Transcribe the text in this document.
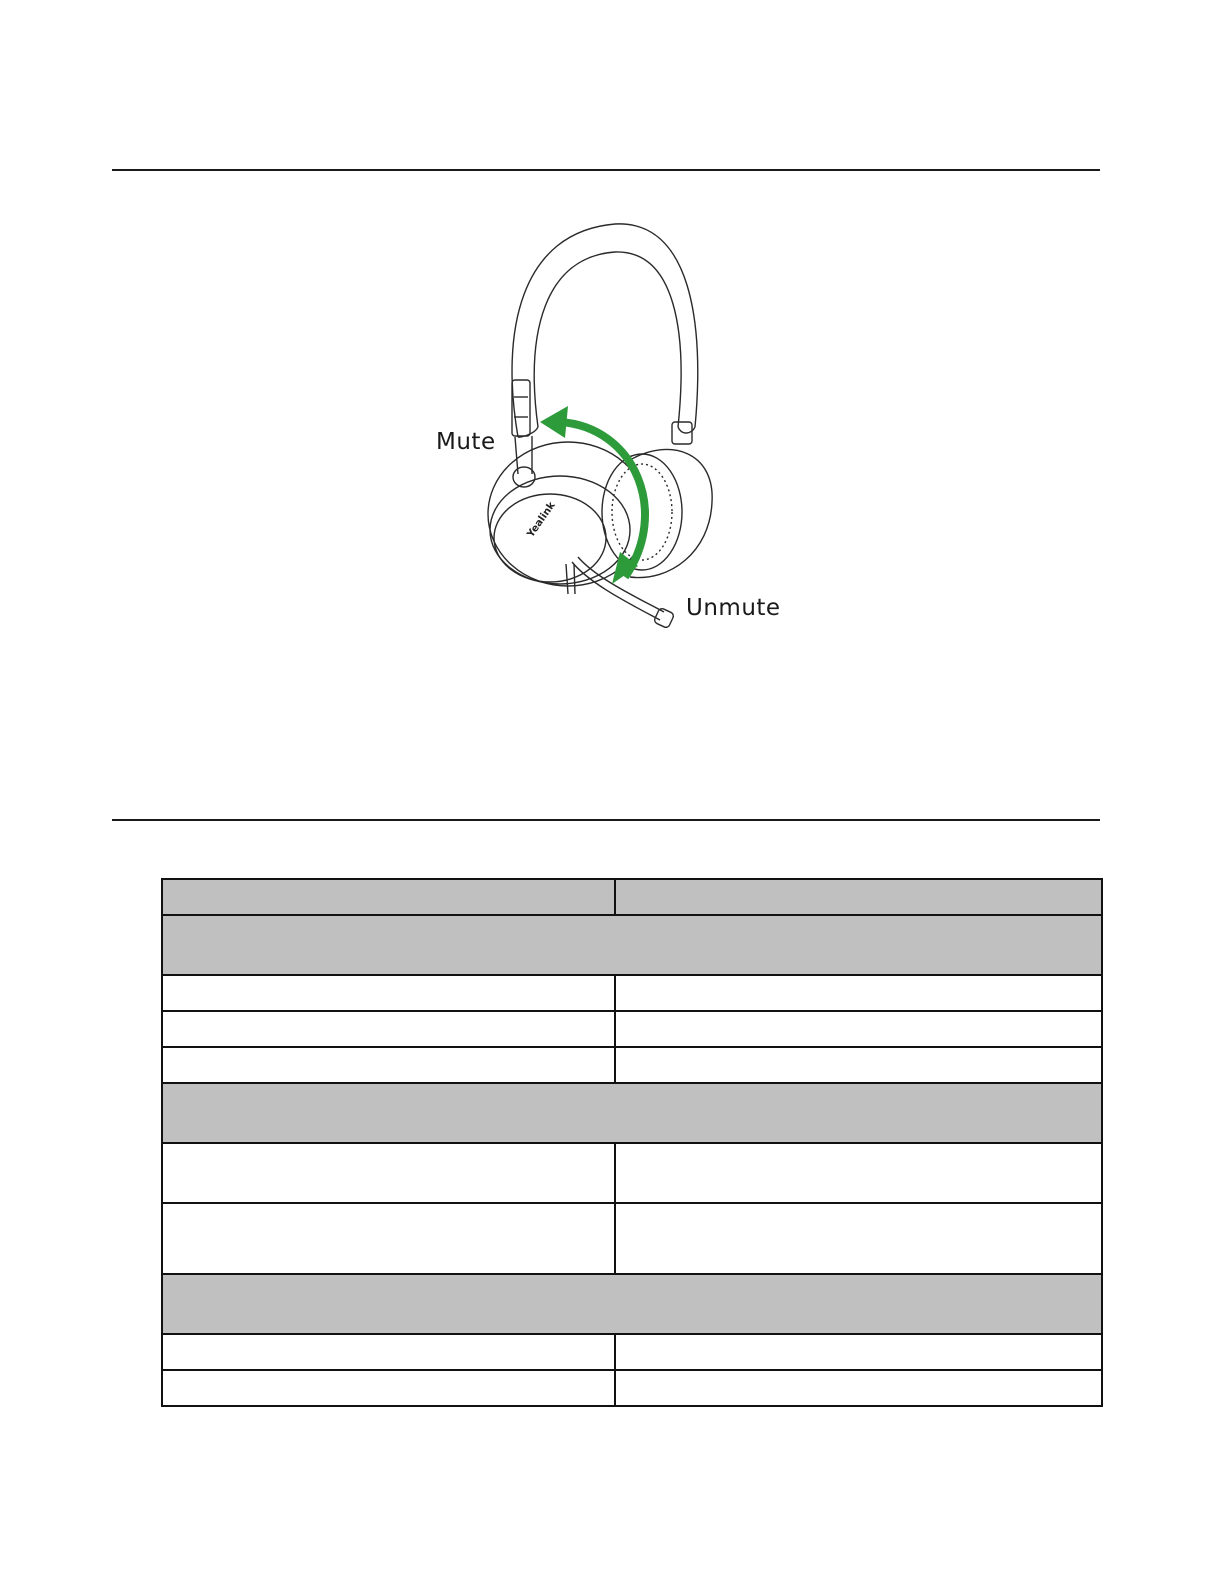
Yealink
Mute
Unmute
